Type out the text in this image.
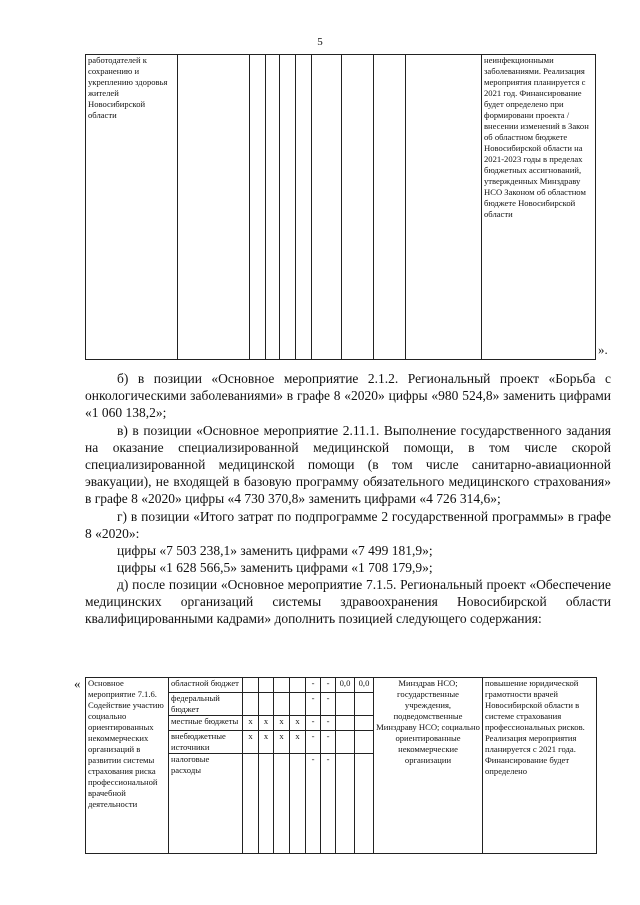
5
работодателей к сохранению и укреплению здоровья жителей Новосибирской области										неинфекционными заболеваниями. Реализация мероприятия планируется с 2021 год. Финансирование будет определено при формировани проекта / внесении изменений в Закон об областном бюджете Новосибирской области на 2021-2023 годы в пределах бюджетных ассигнований, утвержденных Минздраву НСО Законом об областном бюджете Новосибирской области
».

б) в позиции «Основное мероприятие 2.1.2. Региональный проект «Борьба с онкологическими заболеваниями» в графе 8 «2020» цифры «980 524,8» заменить цифрами «1 060 138,2»;

в) в позиции «Основное мероприятие 2.11.1. Выполнение государственного задания на оказание специализированной медицинской помощи, в том числе скорой специализированной медицинской помощи (в том числе санитарно-авиационной эвакуации), не входящей в базовую программу обязательного медицинского страхования» в графе 8 «2020» цифры «4 730 370,8» заменить цифрами «4 726 314,6»;

г) в позиции «Итого затрат по подпрограмме 2 государственной программы» в графе 8 «2020»:

цифры «7 503 238,1» заменить цифрами «7 499 181,9»;

цифры «1 628 566,5» заменить цифрами «1 708 179,9»;

д) после позиции «Основное мероприятие 7.1.5. Региональный проект «Обеспечение медицинских организаций системы здравоохранения Новосибирской области квалифицированными кадрами» дополнить позицией следующего содержания:

« Основное мероприятие 7.1.6. Содействие участию социально ориентированных некоммерческих организаций в развитии системы страхования риска профессиональной врачебной деятельности	областной бюджет					-	-	0,0	0,0	Минздрав НСО; государственные учреждения, подведомственные Минздраву НСО; социально ориентированные некоммерческие организации	повышение юридической грамотности врачей Новосибирской области в системе страхования профессиональных рисков. Реализация мероприятия планируется с 2021 года. Финансирование будет определено
	федеральный бюджет					-	-				
	местные бюджеты	х	х	х	х	-	-				
	внебюджетные источники	х	х	х	х	-	-				
	налоговые расходы					-	-				
